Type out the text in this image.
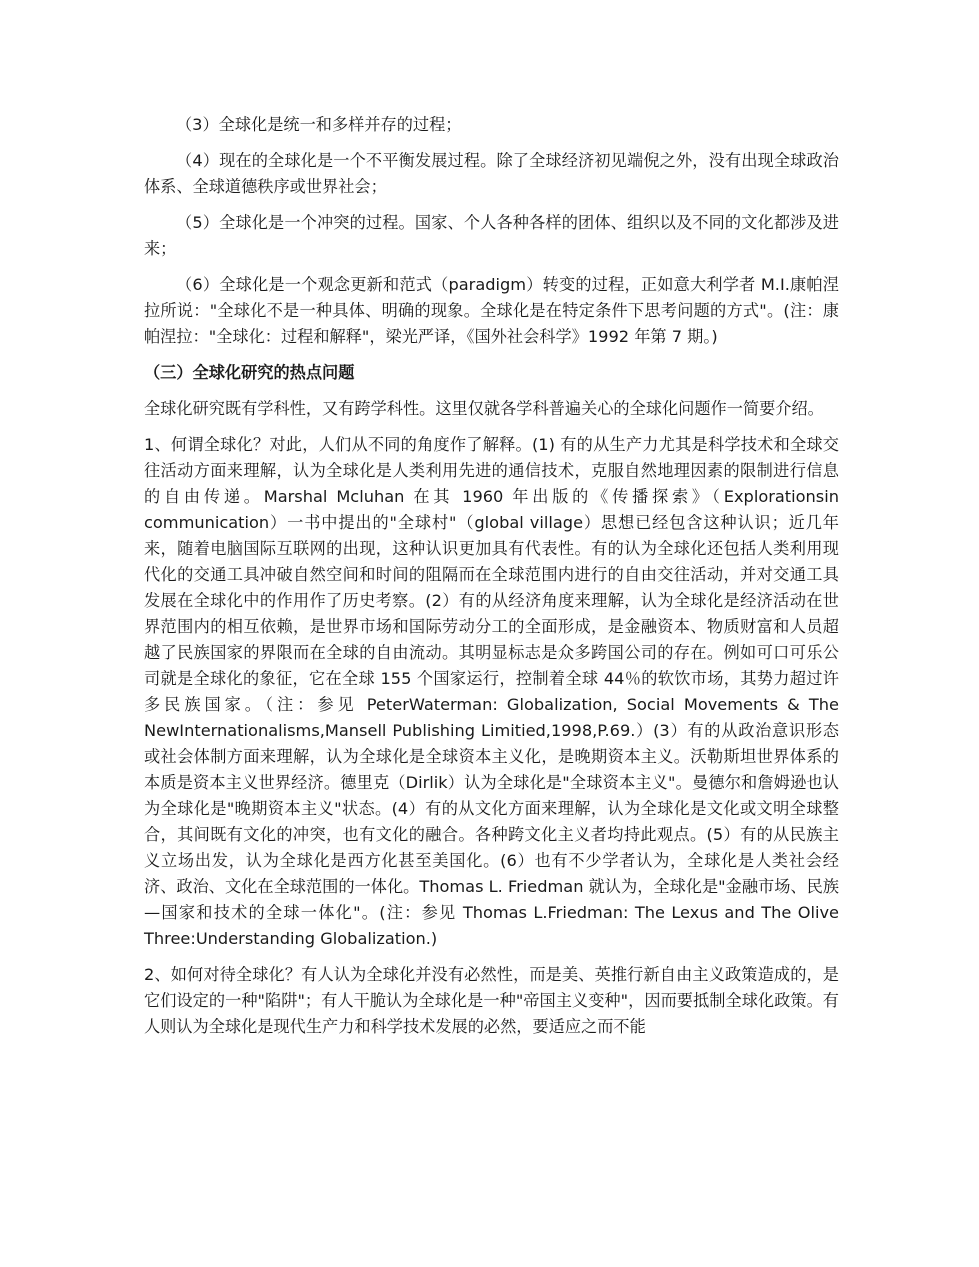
（3）全球化是统一和多样并存的过程；

（4）现在的全球化是一个不平衡发展过程。除了全球经济初见端倪之外，没有出现全球政治体系、全球道德秩序或世界社会；

（5）全球化是一个冲突的过程。国家、个人各种各样的团体、组织以及不同的文化都涉及进来；

（6）全球化是一个观念更新和范式（paradigm）转变的过程，正如意大利学者 M.I.康帕涅拉所说："全球化不是一种具体、明确的现象。全球化是在特定条件下思考问题的方式"。(注：康帕涅拉："全球化：过程和解释"，梁光严译，《国外社会科学》1992 年第 7 期。)

（三）全球化研究的热点问题

全球化研究既有学科性，又有跨学科性。这里仅就各学科普遍关心的全球化问题作一简要介绍。

1、何谓全球化？对此，人们从不同的角度作了解释。(1) 有的从生产力尤其是科学技术和全球交往活动方面来理解，认为全球化是人类利用先进的通信技术，克服自然地理因素的限制进行信息的自由传递。Marshal Mcluhan 在其 1960 年出版的《传播探索》（Explorationsin communication）一书中提出的"全球村"（global village）思想已经包含这种认识；近几年来，随着电脑国际互联网的出现，这种认识更加具有代表性。有的认为全球化还包括人类利用现代化的交通工具冲破自然空间和时间的阻隔而在全球范围内进行的自由交往活动，并对交通工具发展在全球化中的作用作了历史考察。(2）有的从经济角度来理解，认为全球化是经济活动在世界范围内的相互依赖，是世界市场和国际劳动分工的全面形成，是金融资本、物质财富和人员超越了民族国家的界限而在全球的自由流动。其明显标志是众多跨国公司的存在。例如可口可乐公司就是全球化的象征，它在全球 155 个国家运行，控制着全球 44％的软饮市场，其势力超过许多民族国家。（注：参见 PeterWaterman: Globalization, Social Movements & The NewInternationalisms,Mansell Publishing Limitied,1998,P.69.）(3）有的从政治意识形态或社会体制方面来理解，认为全球化是全球资本主义化，是晚期资本主义。沃勒斯坦世界体系的本质是资本主义世界经济。德里克（Dirlik）认为全球化是"全球资本主义"。曼德尔和詹姆逊也认为全球化是"晚期资本主义"状态。(4）有的从文化方面来理解，认为全球化是文化或文明全球整合，其间既有文化的冲突，也有文化的融合。各种跨文化主义者均持此观点。(5）有的从民族主义立场出发，认为全球化是西方化甚至美国化。(6）也有不少学者认为，全球化是人类社会经济、政治、文化在全球范围的一体化。Thomas L. Friedman 就认为，全球化是"金融市场、民族—国家和技术的全球一体化"。(注：参见 Thomas L.Friedman: The Lexus and The Olive Three:Understanding Globalization.)

2、如何对待全球化？有人认为全球化并没有必然性，而是美、英推行新自由主义政策造成的，是它们设定的一种"陷阱"；有人干脆认为全球化是一种"帝国主义变种"，因而要抵制全球化政策。有人则认为全球化是现代生产力和科学技术发展的必然，要适应之而不能
